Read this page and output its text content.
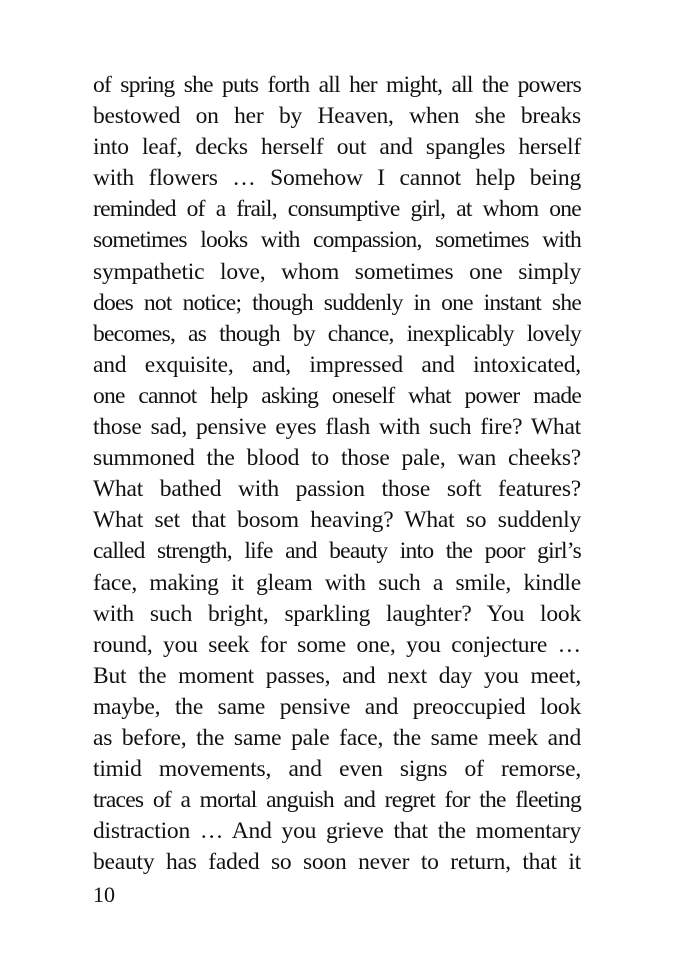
of spring she puts forth all her might, all the powers
bestowed on her by Heaven, when she breaks
into leaf, decks herself out and spangles herself
with flowers … Somehow I cannot help being
reminded of a frail, consumptive girl, at whom one
sometimes looks with compassion, sometimes with
sympathetic love, whom sometimes one simply
does not notice; though suddenly in one instant she
becomes, as though by chance, inexplicably lovely
and exquisite, and, impressed and intoxicated,
one cannot help asking oneself what power made
those sad, pensive eyes flash with such fire? What
summoned the blood to those pale, wan cheeks?
What bathed with passion those soft features?
What set that bosom heaving? What so suddenly
called strength, life and beauty into the poor girl’s
face, making it gleam with such a smile, kindle
with such bright, sparkling laughter? You look
round, you seek for some one, you conjecture …
But the moment passes, and next day you meet,
maybe, the same pensive and preoccupied look
as before, the same pale face, the same meek and
timid movements, and even signs of remorse,
traces of a mortal anguish and regret for the fleeting
distraction … And you grieve that the momentary
beauty has faded so soon never to return, that it
10
